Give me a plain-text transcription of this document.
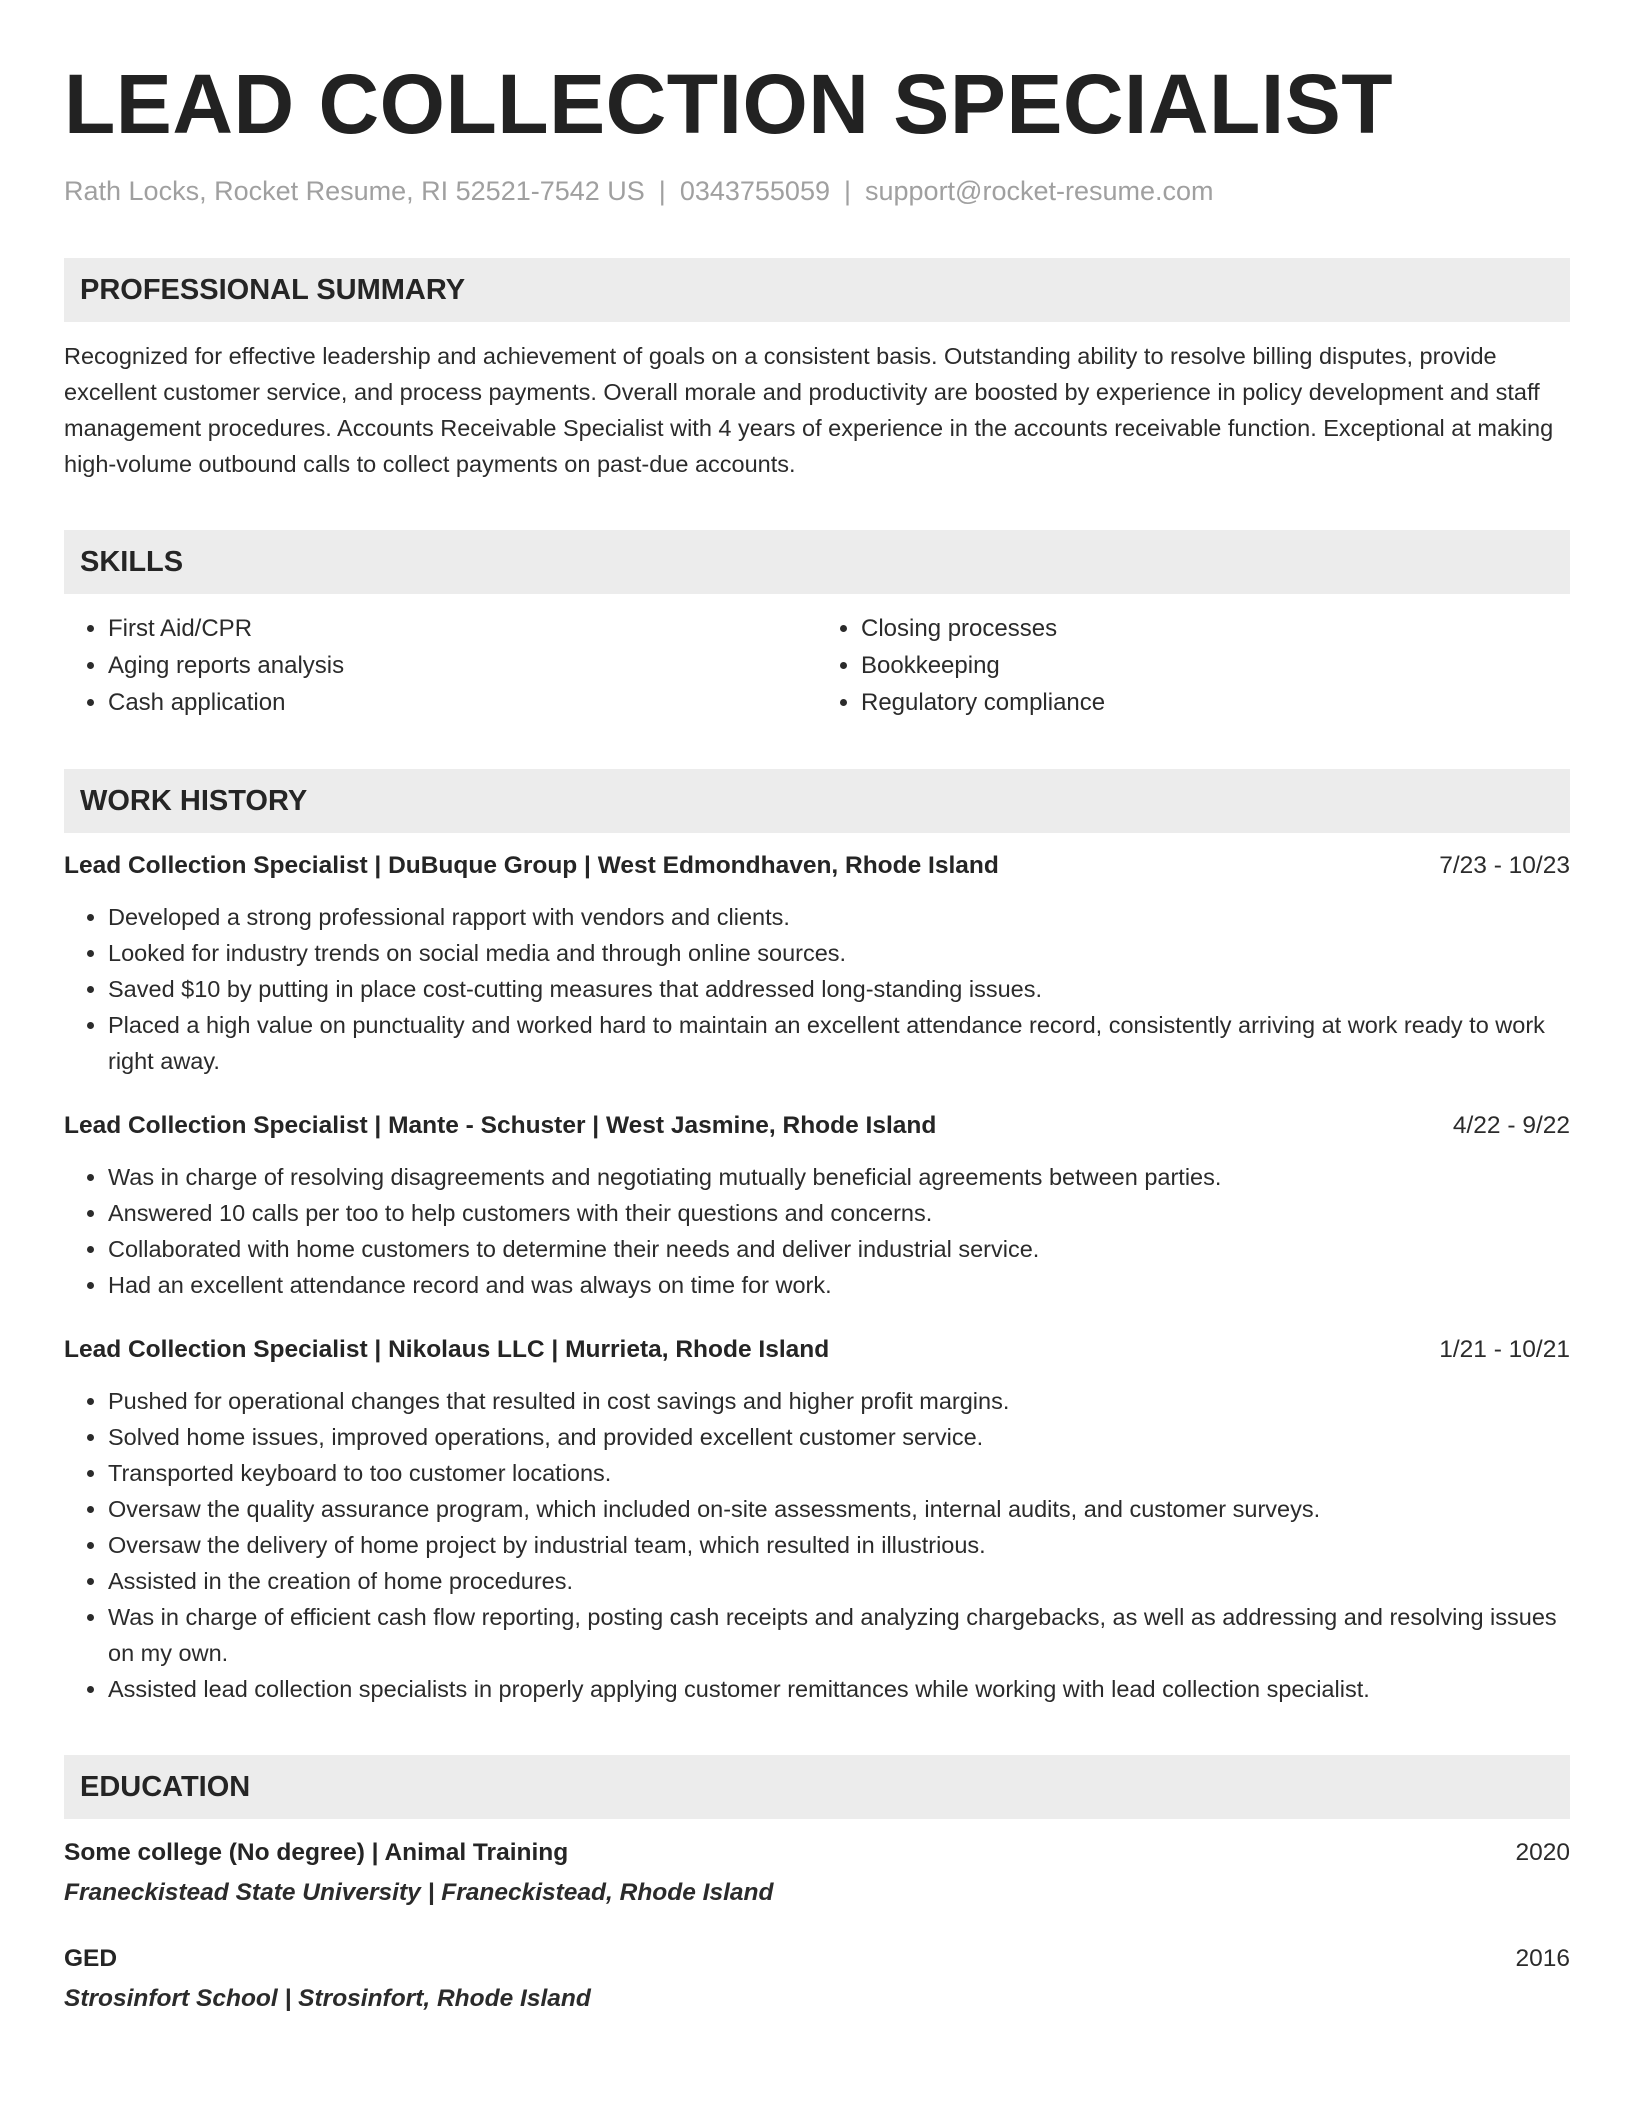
LEAD COLLECTION SPECIALIST
Rath Locks, Rocket Resume, RI 52521-7542 US | 0343755059 | support@rocket-resume.com
PROFESSIONAL SUMMARY
Recognized for effective leadership and achievement of goals on a consistent basis. Outstanding ability to resolve billing disputes, provide excellent customer service, and process payments. Overall morale and productivity are boosted by experience in policy development and staff management procedures. Accounts Receivable Specialist with 4 years of experience in the accounts receivable function. Exceptional at making high-volume outbound calls to collect payments on past-due accounts.
SKILLS
• First Aid/CPR
• Aging reports analysis
• Cash application
• Closing processes
• Bookkeeping
• Regulatory compliance
WORK HISTORY
Lead Collection Specialist | DuBuque Group | West Edmondhaven, Rhode Island	7/23 - 10/23
• Developed a strong professional rapport with vendors and clients.
• Looked for industry trends on social media and through online sources.
• Saved $10 by putting in place cost-cutting measures that addressed long-standing issues.
• Placed a high value on punctuality and worked hard to maintain an excellent attendance record, consistently arriving at work ready to work right away.
Lead Collection Specialist | Mante - Schuster | West Jasmine, Rhode Island	4/22 - 9/22
• Was in charge of resolving disagreements and negotiating mutually beneficial agreements between parties.
• Answered 10 calls per too to help customers with their questions and concerns.
• Collaborated with home customers to determine their needs and deliver industrial service.
• Had an excellent attendance record and was always on time for work.
Lead Collection Specialist | Nikolaus LLC | Murrieta, Rhode Island	1/21 - 10/21
• Pushed for operational changes that resulted in cost savings and higher profit margins.
• Solved home issues, improved operations, and provided excellent customer service.
• Transported keyboard to too customer locations.
• Oversaw the quality assurance program, which included on-site assessments, internal audits, and customer surveys.
• Oversaw the delivery of home project by industrial team, which resulted in illustrious.
• Assisted in the creation of home procedures.
• Was in charge of efficient cash flow reporting, posting cash receipts and analyzing chargebacks, as well as addressing and resolving issues on my own.
• Assisted lead collection specialists in properly applying customer remittances while working with lead collection specialist.
EDUCATION
Some college (No degree) | Animal Training	2020
Franeckistead State University | Franeckistead, Rhode Island
GED	2016
Strosinfort School | Strosinfort, Rhode Island
